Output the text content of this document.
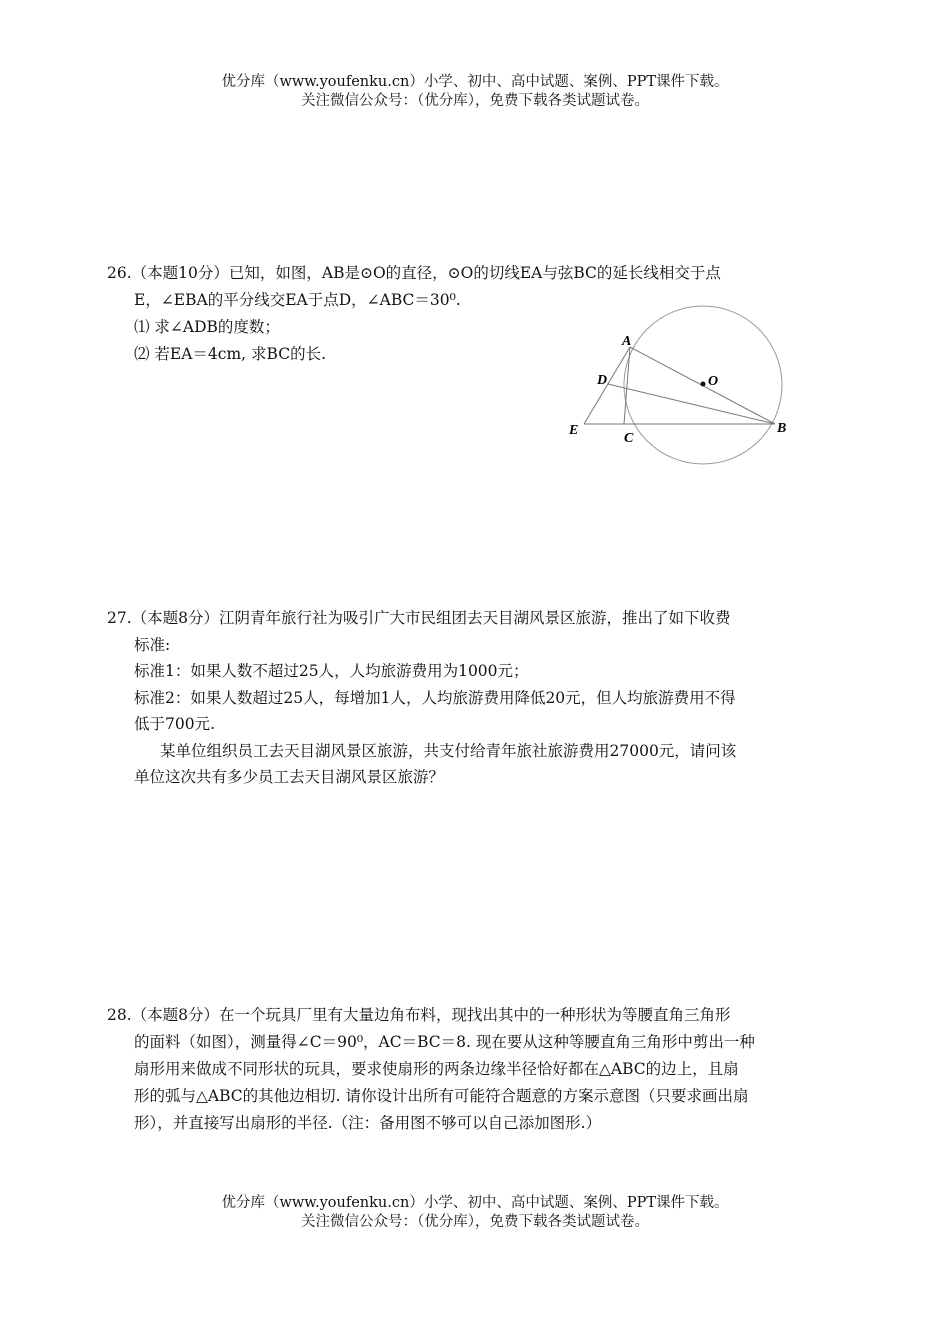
优分库（www.youfenku.cn）小学、初中、高中试题、案例、PPT课件下载。
关注微信公众号：（优分库），免费下载各类试题试卷。
26.（本题10分）已知，如图，AB是⊙O的直径，⊙O的切线EA与弦BC的延长线相交于点
E，∠EBA的平分线交EA于点D，∠ABC＝30⁰.
⑴ 求∠ADB的度数；
⑵ 若EA＝4cm, 求BC的长.
A
D	O
E
C
B
27.（本题8分）江阴青年旅行社为吸引广大市民组团去天目湖风景区旅游，推出了如下收费
标准:
标准1：如果人数不超过25人，人均旅游费用为1000元；
标准2：如果人数超过25人，每增加1人，人均旅游费用降低20元，但人均旅游费用不得
低于700元.
某单位组织员工去天目湖风景区旅游，共支付给青年旅社旅游费用27000元，请问该
单位这次共有多少员工去天目湖风景区旅游？
28.（本题8分）在一个玩具厂里有大量边角布料，现找出其中的一种形状为等腰直角三角形
的面料（如图），测量得∠C＝90⁰，AC＝BC＝8. 现在要从这种等腰直角三角形中剪出一种
扇形用来做成不同形状的玩具，要求使扇形的两条边缘半径恰好都在△ABC的边上，且扇
形的弧与△ABC的其他边相切. 请你设计出所有可能符合题意的方案示意图（只要求画出扇
形），并直接写出扇形的半径.（注：备用图不够可以自己添加图形.）
优分库（www.youfenku.cn）小学、初中、高中试题、案例、PPT课件下载。
关注微信公众号：（优分库），免费下载各类试题试卷。
